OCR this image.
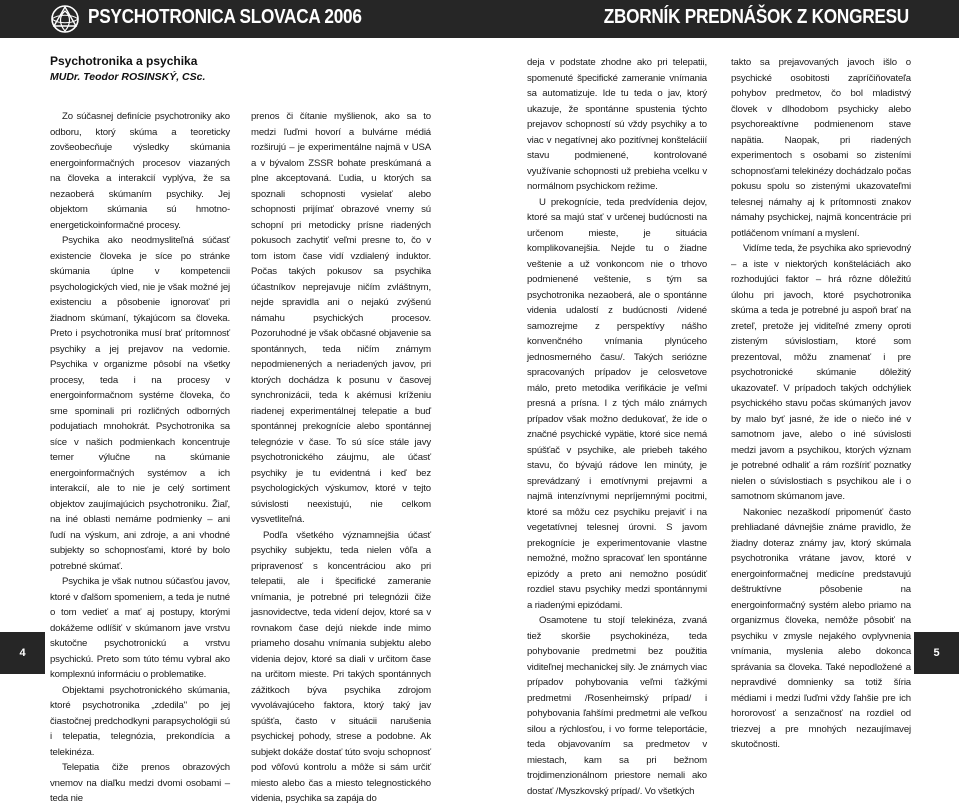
PSYCHOTRONICA SLOVACA 2006	ZBORNÍK PREDNÁŠOK Z KONGRESU
Psychotronika a psychika
MUDr. Teodor ROSINSKÝ, CSc.

Zo súčasnej definície psychotroniky ako odboru, ktorý skúma a teoreticky zovšeobecňuje výsledky skúmania energoinformačných procesov viazaných na človeka a interakcií vyplýva, že sa nezaoberá skúmaním psychiky. Jej objektom skúmania sú hmotno-energetickoinformačné procesy.

Psychika ako neodmysliteľná súčasť existencie človeka je síce po stránke skúmania úplne v kompetencii psychologických vied, nie je však možné jej existenciu a pôsobenie ignorovať pri žiadnom skúmaní, týkajúcom sa človeka. Preto i psychotronika musí brať prítomnosť psychiky a jej prejavov na vedomie. Psychika v organizme pôsobí na všetky procesy, teda i na procesy v energoinformačnom systéme človeka, čo sme spominali pri rozličných odborných podujatiach mnohokrát. Psychotronika sa síce v našich podmienkach koncentruje temer výlučne na skúmanie energoinformačných systémov a ich interakcií, ale to nie je celý sortiment objektov zaujímajúcich psychotroniku. Žiaľ, na iné oblasti nemáme podmienky – ani ľudí na výskum, ani zdroje, a ani vhodné subjekty so schopnosťami, ktoré by bolo potrebné skúmať.

Psychika je však nutnou súčasťou javov, ktoré v ďalšom spomeniem, a teda je nutné o tom vedieť a mať aj postupy, ktorými dokážeme odlíšiť v skúmanom jave vrstvu skutočne psychotronickú a vrstvu psychickú. Preto som túto tému vybral ako komplexnú informáciu o problematike.

Objektami psychotronického skúmania, ktoré psychotronika „zdedila" po jej čiastočnej predchodkyni parapsychológii sú i telepatia, telegnózia, prekondícia a telekinéza.

Telepatia čiže prenos obrazových vnemov na diaľku medzi dvomi osobami – teda nie

prenos či čítanie myšlienok, ako sa to medzi ľuďmi hovorí a bulvárne médiá rozširujú – je experimentálne najmä v USA a v bývalom ZSSR bohate preskúmaná a plne akceptovaná. Ľudia, u ktorých sa spoznali schopnosti vysielať alebo schopnosti prijímať obrazové vnemy sú schopní pri metodicky prísne riadených pokusoch zachytiť veľmi presne to, čo v tom istom čase vidí vzdialený induktor. Počas takých pokusov sa psychika účastníkov neprejavuje ničím zvláštnym, nejde spravidla ani o nejakú zvýšenú námahu psychických procesov. Pozoruhodné je však občasné objavenie sa spontánnych, teda ničím známym nepodmienených a neriadených javov, pri ktorých dochádza k posunu v časovej synchronizácii, teda k akémusi kríženiu riadenej experimentálnej telepatie a buď spontánnej prekognície alebo spontánnej telegnózie v čase. To sú síce stále javy psychotronického záujmu, ale účasť psychiky je tu evidentná i keď bez psychologických výskumov, ktoré v tejto súvislosti neexistujú, nie celkom vysvetliteľná.

Podľa všetkého významnejšia účasť psychiky subjektu, teda nielen vôľa a pripravenosť s koncentráciou ako pri telepatii, ale i špecifické zameranie vnímania, je potrebné pri telegnózii čiže jasnovidectve, teda videní dejov, ktoré sa v rovnakom čase dejú niekde inde mimo priameho dosahu vnímania subjektu alebo videnia dejov, ktoré sa diali v určitom čase na určitom mieste. Pri takých spontánnych zážitkoch býva psychika zdrojom vyvolávajúceho faktora, ktorý taký jav spúšťa, často v situácii narušenia psychickej pohody, strese a podobne. Ak subjekt dokáže dostať túto svoju schopnosť pod vôľovú kontrolu a môže si sám určiť miesto alebo čas a miesto telegnostického videnia, psychika sa zapája do

deja v podstate zhodne ako pri telepatii, spomenuté špecifické zameranie vnímania sa automatizuje. Ide tu teda o jav, ktorý ukazuje, že spontánne spustenia týchto prejavov schopností sú vždy psychiky a to viac v negatívnej ako pozitívnej konšteláciií stavu podmienené, kontrolované využívanie schopnosti už prebieha vcelku v normálnom psychickom režime.

U prekognície, teda predvídenia dejov, ktoré sa majú stať v určenej budúcnosti na určenom mieste, je situácia komplikovanejšia. Nejde tu o žiadne veštenie a už vonkoncom nie o trhovo podmienené veštenie, s tým sa psychotronika nezaoberá, ale o spontánne videnia udalostí z budúcnosti /videné samozrejme z perspektívy nášho konvenčného vnímania plynúceho jednosmerného času/. Takých seriózne spracovaných prípadov je celosvetove málo, preto metodika verifikácie je veľmi presná a prísna. I z tých málo známych prípadov však možno dedukovať, že ide o značné psychické vypätie, ktoré sice nemá spúšťač v psychike, ale priebeh takého stavu, čo bývajú rádove len minúty, je sprevádzaný i emotívnymi prejavmi a najmä intenzívnymi nepríjemnými pocitmi, ktoré sa môžu cez psychiku prejaviť i na vegetatívnej telesnej úrovni. S javom prekognície je experimentovanie vlastne nemožné, možno spracovať len spontánne epizódy a preto ani nemožno posúdiť rozdiel stavu psychiky medzi spontánnymi a riadenými epizódami.

Osamotene tu stojí telekinéza, zvaná tiež skoršie psychokinéza, teda pohybovanie predmetmi bez použitia viditeľnej mechanickej sily. Je známych viac prípadov pohybovania veľmi ťažkými predmetmi /Rosenheimský prípad/ i pohybovania ľahšími predmetmi ale veľkou silou a rýchlosťou, i vo forme teleportácie, teda objavovaním sa predmetov v miestach, kam sa pri bežnom trojdimenzionálnom priestore nemali ako dostať /Myszkovský prípad/. Vo všetkých

takto sa prejavovaných javoch išlo o psychické osobitosti zapríčiňovateľa pohybov predmetov, čo bol mladistvý človek v dlhodobom psychicky alebo psychoreaktívne podmienenom stave napätia. Naopak, pri riadených experimentoch s osobami so zisteními schopnosťami telekinézy dochádzalo počas pokusu spolu so zistenými ukazovateľmi telesnej námahy aj k prítomnosti znakov námahy psychickej, najmä koncentrácie pri potláčenom vnímaní a myslení.

Vidíme teda, že psychika ako sprievodný – a iste v niektorých konšteláciách ako rozhodujúci faktor – hrá rôzne dôležitú úlohu pri javoch, ktoré psychotronika skúma a teda je potrebné ju aspoň brať na zreteľ, pretože jej viditeľné zmeny oproti zisteným súvislostiam, ktoré som prezentoval, môžu znamenať i pre psychotronické skúmanie dôležitý ukazovateľ. V prípadoch takých odchýliek psychického stavu počas skúmaných javov by malo byť jasné, že ide o niečo iné v samotnom jave, alebo o iné súvislosti medzi javom a psychikou, ktorých význam je potrebné odhaliť a rám rozšíriť poznatky nielen o súvislostiach s psychikou ale i o samotnom skúmanom jave.

Nakoniec nezaškodí pripomenúť často prehliadané dávnejšie známe pravidlo, že žiadny doteraz známy jav, ktorý skúmala psychotronika vrátane javov, ktoré v energoinformačnej medicíne predstavujú deštruktívne pôsobenie na energoinformačný systém alebo priamo na organizmus človeka, nemôže pôsobiť na psychiku v zmysle nejakého ovplyvnenia vnímania, myslenia alebo dokonca správania sa človeka. Také nepodložené a nepravdivé domnienky sa totiž šíria médiami i medzi ľuďmi vždy ľahšie pre ich hororovosť a senzačnosť na rozdiel od triezvej a pre mnohých nezaujímavej skutočnosti.

4	5
